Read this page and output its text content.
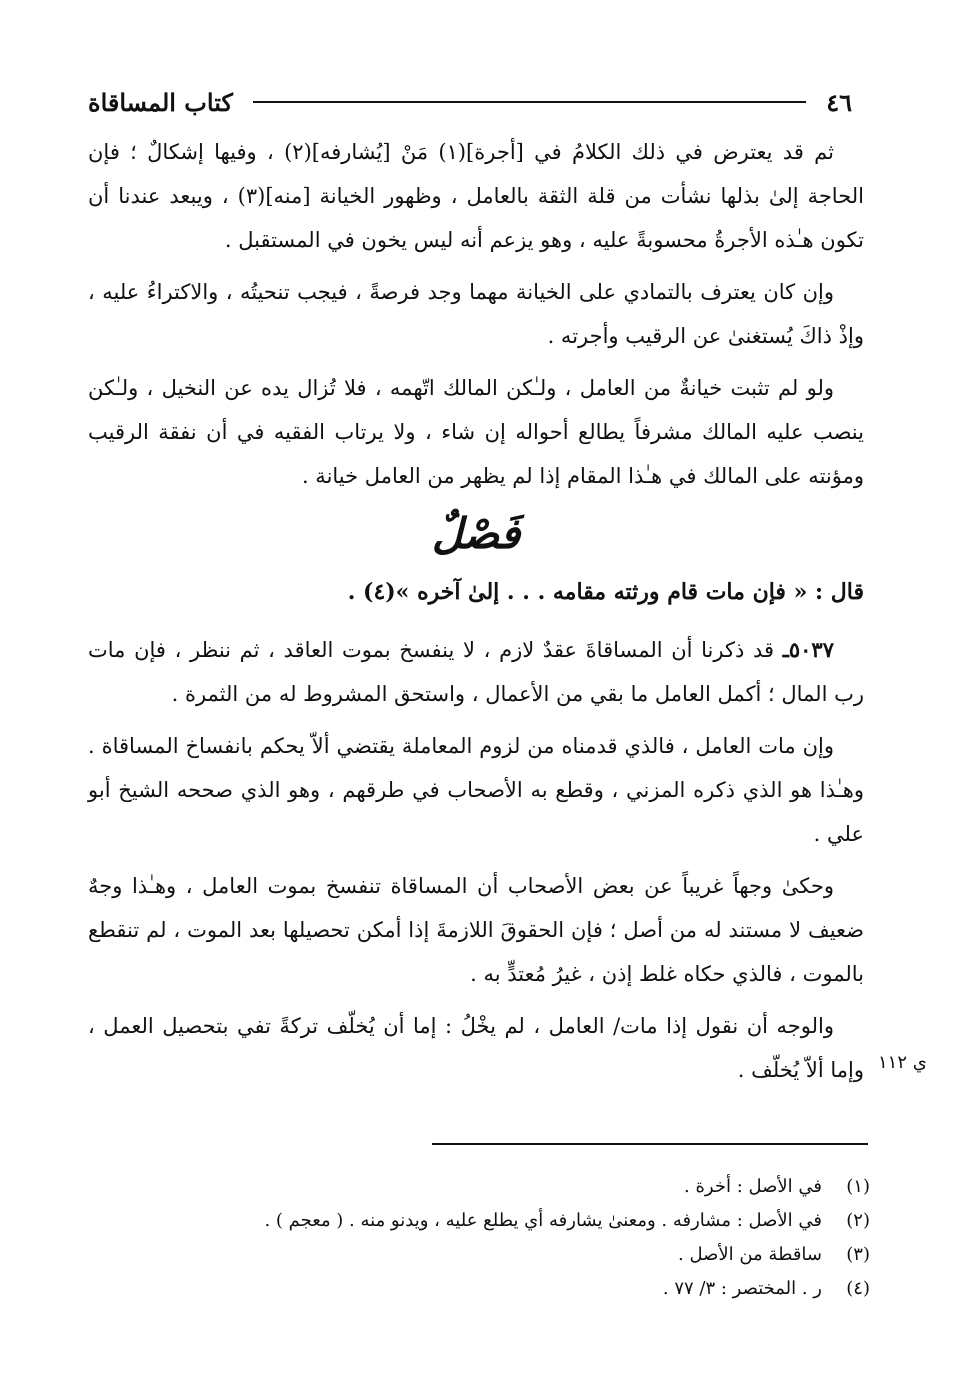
٤٦
كتاب المساقاة

ثم قد يعترض في ذلك الكلامُ في [أجرة](١) مَنْ [يُشارفه](٢) ، وفيها إشكالٌ ؛ فإن الحاجة إلىٰ بذلها نشأت من قلة الثقة بالعامل ، وظهور الخيانة [منه](٣) ، ويبعد عندنا أن تكون هـٰذه الأجرةُ محسوبةً عليه ، وهو يزعم أنه ليس يخون في المستقبل .

وإن كان يعترف بالتمادي على الخيانة مهما وجد فرصةً ، فيجب تنحيتُه ، والاكتراءُ عليه ، وإذْ ذاكَ يُستغنىٰ عن الرقيب وأجرته .

ولو لم تثبت خيانةٌ من العامل ، ولـٰكن المالك اتّهمه ، فلا تُزال يده عن النخيل ، ولـٰكن ينصب عليه المالك مشرفاً يطالع أحواله إن شاء ، ولا يرتاب الفقيه في أن نفقة الرقيب ومؤنته على المالك في هـٰذا المقام إذا لم يظهر من العامل خيانة .

فَصْلٌ

قال : « فإن مات قام ورثته مقامه . . . إلىٰ آخره »(٤) .

٥٠٣٧ـ قد ذكرنا أن المساقاةَ عقدٌ لازم ، لا ينفسخ بموت العاقد ، ثم ننظر ، فإن مات رب المال ؛ أكمل العامل ما بقي من الأعمال ، واستحق المشروط له من الثمرة .

وإن مات العامل ، فالذي قدمناه من لزوم المعاملة يقتضي ألاّ يحكم بانفساخ المساقاة . وهـٰذا هو الذي ذكره المزني ، وقطع به الأصحاب في طرقهم ، وهو الذي صححه الشيخ أبو علي .

وحكىٰ وجهاً غريباً عن بعض الأصحاب أن المساقاة تنفسخ بموت العامل ، وهـٰذا وجهٌ ضعيف لا مستند له من أصل ؛ فإن الحقوقَ اللازمةَ إذا أمكن تحصيلها بعد الموت ، لم تنقطع بالموت ، فالذي حكاه غلط إذن ، غيرُ مُعتدٍّ به .

والوجه أن نقول إذا مات/ العامل ، لم يخْلُ : إما أن يُخلّف تركةً تفي بتحصيل العمل ، وإما ألاّ يُخلّف . ي ١١٢
(١)
في الأصل : أخرة .
(٢)
في الأصل : مشارفه . ومعنىٰ يشارفه أي يطلع عليه ، ويدنو منه . ( معجم ) .
(٣)
ساقطة من الأصل .
(٤)
ر . المختصر : ٣/ ٧٧ .
